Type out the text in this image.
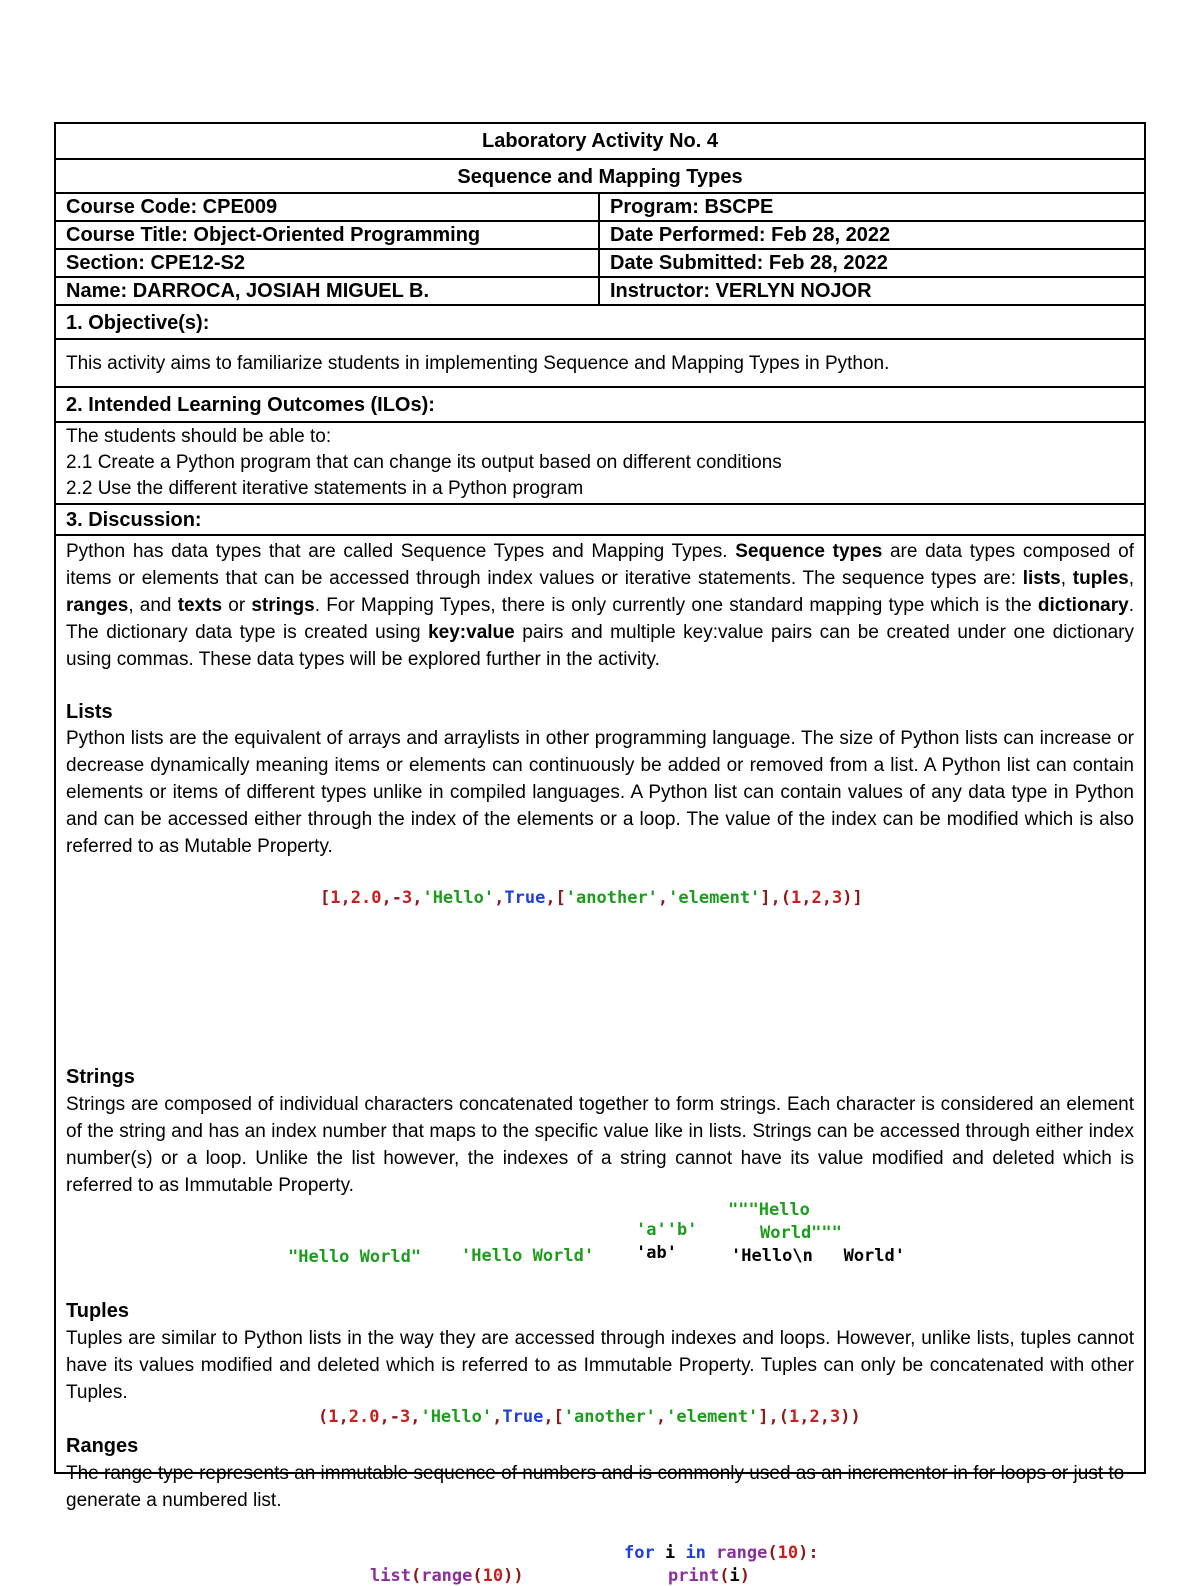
Laboratory Activity No. 4
Sequence and Mapping Types
Course Code: CPE009	Program: BSCPE
Course Title: Object-Oriented Programming	Date Performed: Feb 28, 2022
Section: CPE12-S2	Date Submitted: Feb 28, 2022
Name: DARROCA, JOSIAH MIGUEL B.	Instructor: VERLYN NOJOR
1. Objective(s):
This activity aims to familiarize students in implementing Sequence and Mapping Types in Python.
2. Intended Learning Outcomes (ILOs):
The students should be able to:
2.1 Create a Python program that can change its output based on different conditions
2.2 Use the different iterative statements in a Python program
3. Discussion:
Python has data types that are called Sequence Types and Mapping Types. Sequence types are data types composed of items or elements that can be accessed through index values or iterative statements. The sequence types are: lists, tuples, ranges, and texts or strings. For Mapping Types, there is only currently one standard mapping type which is the dictionary. The dictionary data type is created using key:value pairs and multiple key:value pairs can be created under one dictionary using commas. These data types will be explored further in the activity.
Lists
Python lists are the equivalent of arrays and arraylists in other programming language. The size of Python lists can increase or decrease dynamically meaning items or elements can continuously be added or removed from a list. A Python list can contain elements or items of different types unlike in compiled languages. A Python list can contain values of any data type in Python and can be accessed either through the index of the elements or a loop. The value of the index can be modified which is also referred to as Mutable Property.
[1,2.0,-3,'Hello',True,['another','element'],(1,2,3)]
Strings
Strings are composed of individual characters concatenated together to form strings. Each character is considered an element of the string and has an index number that maps to the specific value like in lists. Strings can be accessed through either index number(s) or a loop. Unlike the list however, the indexes of a string cannot have its value modified and deleted which is referred to as Immutable Property.
"Hello World" 'Hello World'
'a''b'
'ab'
"""Hello
World"""
'Hello\n   World'
Tuples
Tuples are similar to Python lists in the way they are accessed through indexes and loops. However, unlike lists, tuples cannot have its values modified and deleted which is referred to as Immutable Property. Tuples can only be concatenated with other Tuples.
(1,2.0,-3,'Hello',True,['another','element'],(1,2,3))
Ranges
The range type represents an immutable sequence of numbers and is commonly used as an incrementor in for loops or just to generate a numbered list.
list(range(10))
for i in range(10):
print(i)
